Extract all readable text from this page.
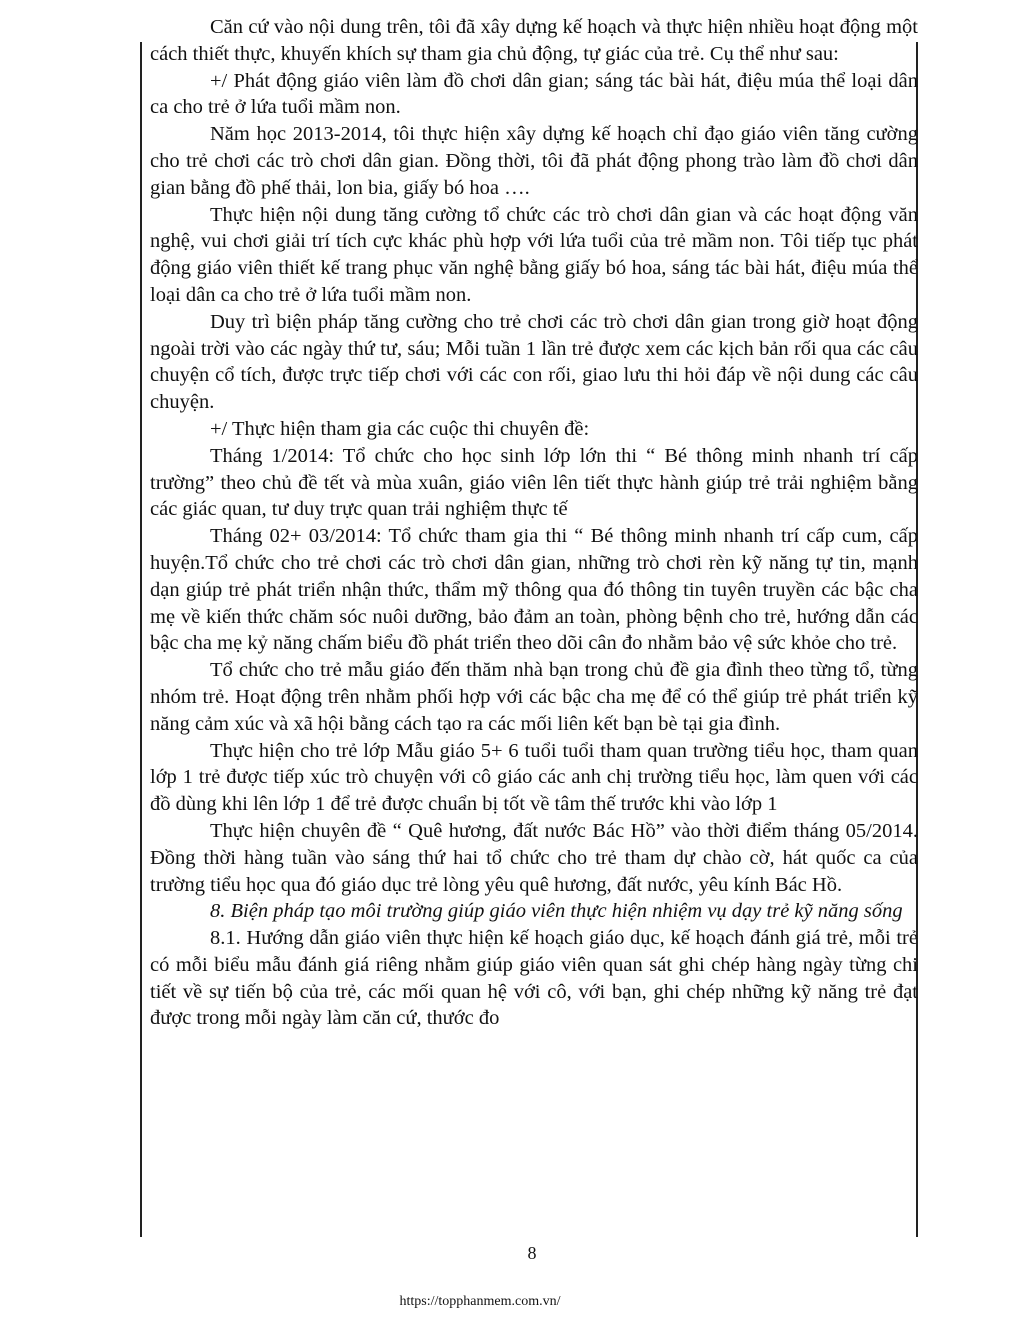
Căn cứ vào nội dung trên, tôi đã xây dựng kế hoạch và thực hiện nhiều hoạt động một cách thiết thực, khuyến khích sự tham gia chủ động, tự giác của trẻ. Cụ thể như sau:

+/ Phát động giáo viên làm đồ chơi dân gian; sáng tác bài hát, điệu múa thể loại dân ca cho trẻ ở lứa tuổi mầm non.

Năm học 2013-2014, tôi thực hiện xây dựng kế hoạch chỉ đạo giáo viên tăng cường cho trẻ chơi các trò chơi dân gian. Đồng thời, tôi đã phát động phong trào làm đồ chơi dân gian bằng đồ phế thải, lon bia, giấy bó hoa ….

Thực hiện nội dung tăng cường tổ chức các trò chơi dân gian và các hoạt động văn nghệ, vui chơi giải trí tích cực khác phù hợp với lứa tuổi của trẻ mầm non. Tôi tiếp tục phát động giáo viên thiết kế trang phục văn nghệ bằng giấy bó hoa, sáng tác bài hát, điệu múa thể loại dân ca cho trẻ ở lứa tuổi mầm non.

Duy trì biện pháp tăng cường cho trẻ chơi các trò chơi dân gian trong giờ hoạt động ngoài trời vào các ngày thứ tư, sáu; Mỗi tuần 1 lần trẻ được xem các kịch bản rối qua các câu chuyện cổ tích, được trực tiếp chơi với các con rối, giao lưu thi hỏi đáp về nội dung các câu chuyện.

+/ Thực hiện tham gia các cuộc thi chuyên đề:

Tháng 1/2014: Tổ chức cho học sinh lớp lớn thi “ Bé thông minh nhanh trí cấp trường” theo chủ đề tết và mùa xuân, giáo viên lên tiết thực hành giúp trẻ trải nghiệm bằng các giác quan, tư duy trực quan trải nghiệm thực tế

Tháng 02+ 03/2014: Tổ chức tham gia thi “ Bé thông minh nhanh trí cấp cum, cấp huyện.Tổ chức cho trẻ chơi các trò chơi dân gian, những trò chơi rèn kỹ năng tự tin, mạnh dạn giúp trẻ phát triển nhận thức, thẩm mỹ thông qua đó thông tin tuyên truyền các bậc cha mẹ về kiến thức chăm sóc nuôi dưỡng, bảo đảm an toàn, phòng bệnh cho trẻ, hướng dẫn các bậc cha mẹ kỷ năng chấm biểu đồ phát triển theo dõi cân đo nhằm bảo vệ sức khỏe cho trẻ.

Tổ chức cho trẻ mẫu giáo đến thăm nhà bạn trong chủ đề gia đình theo từng tổ, từng nhóm trẻ. Hoạt động trên nhằm phối hợp với các bậc cha mẹ để có thể giúp trẻ phát triển kỹ năng cảm xúc và xã hội bằng cách tạo ra các mối liên kết bạn bè tại gia đình.

Thực hiện cho trẻ lớp Mẫu giáo 5+ 6 tuổi tuổi tham quan trường tiểu học, tham quan lớp 1 trẻ được tiếp xúc trò chuyện với cô giáo các anh chị trường tiểu học, làm quen với các đồ dùng khi lên lớp 1 để trẻ được chuẩn bị tốt về tâm thế trước khi vào lớp 1

Thực hiện chuyên đề “ Quê hương, đất nước Bác Hồ” vào thời điểm tháng 05/2014. Đồng thời hàng tuần vào sáng thứ hai tổ chức cho trẻ tham dự chào cờ, hát quốc ca của trường tiểu học qua đó giáo dục trẻ lòng yêu quê hương, đất nước, yêu kính Bác Hồ.

8. Biện pháp tạo môi trường giúp giáo viên thực hiện nhiệm vụ dạy trẻ kỹ năng sống

8.1. Hướng dẫn giáo viên thực hiện kế hoạch giáo dục, kế hoạch đánh giá trẻ, mỗi trẻ có mỗi biểu mẫu đánh giá riêng nhằm giúp giáo viên quan sát ghi chép hàng ngày từng chi tiết về sự tiến bộ của trẻ, các mối quan hệ với cô, với bạn, ghi chép những kỹ năng trẻ đạt được trong mỗi ngày làm căn cứ, thước đo

8
https://topphanmem.com.vn/
